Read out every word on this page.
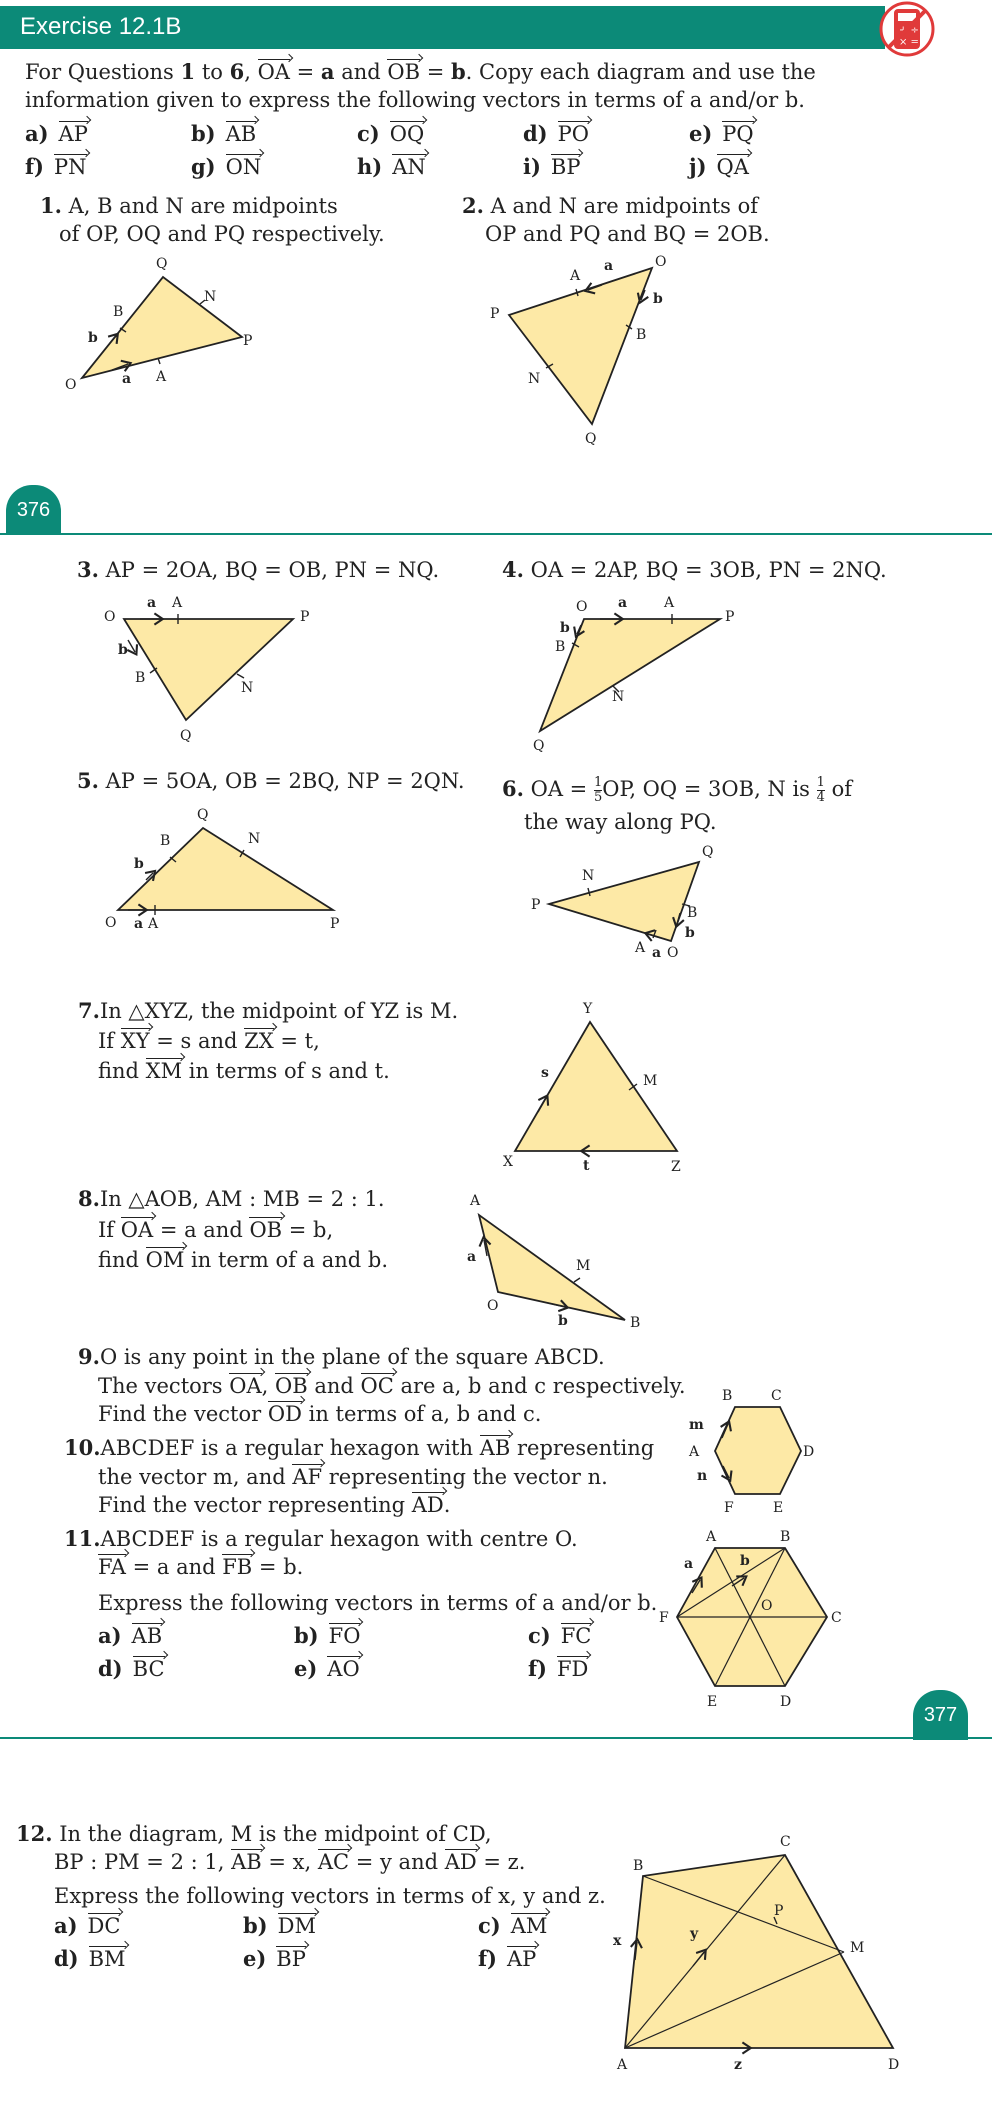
Exercise 12.1B	+ ÷
× =
For Questions 1 to 6, OA = a and OB = b. Copy each diagram and use the
information given to express the following vectors in terms of a and/or b.
a) AP	b) AB	c) OQ	d) PO	e) PQ
f) PN	g) ON	h) AN	i) BP	j) QA
1. A, B and N are midpoints
of OP, OQ and PQ respectively.
2. A and N are midpoints of
OP and PQ and BQ = 2OB.
Q
N
B
b	P
O	a A
O
A
a
b
P
B
N
Q
O
a A
P
b
B
N
Q
O a	A
P
b
B
N
Q
Q
B	N
b
O a A	P
Q
N
P	B
b
A a O
Y
s	M
X	t	Z
A
a
M
O
b	B
B	C
m
A	D
n
F	E
A	B
a	b
F
O
C
E	D
C
B
P
x	y
M
A	z	D
376
3. AP = 2OA, BQ = OB, PN = NQ.	4. OA = 2AP, BQ = 3OB, PN = 2NQ.
5. AP = 5OA, OB = 2BQ, NP = 2QN. 6. OA = $\frac{1}{5}$ OP, OQ = 3OB, N is $\frac{1}{4}$ of
the way along PQ.
7.In △XYZ, the midpoint of YZ is M.
If XY = s and ZX = t,
find XM in terms of s and t.
8.In △AOB, AM : MB = 2 : 1.
If OA = a and OB = b,
find OM in term of a and b.
9.O is any point in the plane of the square ABCD.
The vectors OA, OB and OC are a, b and c respectively.
Find the vector OD in terms of a, b and c.
10.ABCDEF is a regular hexagon with AB representing
the vector m, and AF representing the vector n.
Find the vector representing AD.
11.ABCDEF is a regular hexagon with centre O.
FA = a and FB = b.
Express the following vectors in terms of a and/or b.
a) AB	b) FO	c) FC
d) BC	e) AO	f) FD
377
12. In the diagram, M is the midpoint of CD,
BP : PM = 2 : 1, AB = x, AC = y and AD = z.
Express the following vectors in terms of x, y and z.
a) DC	b) DM	c) AM
d) BM	e) BP	f) AP
